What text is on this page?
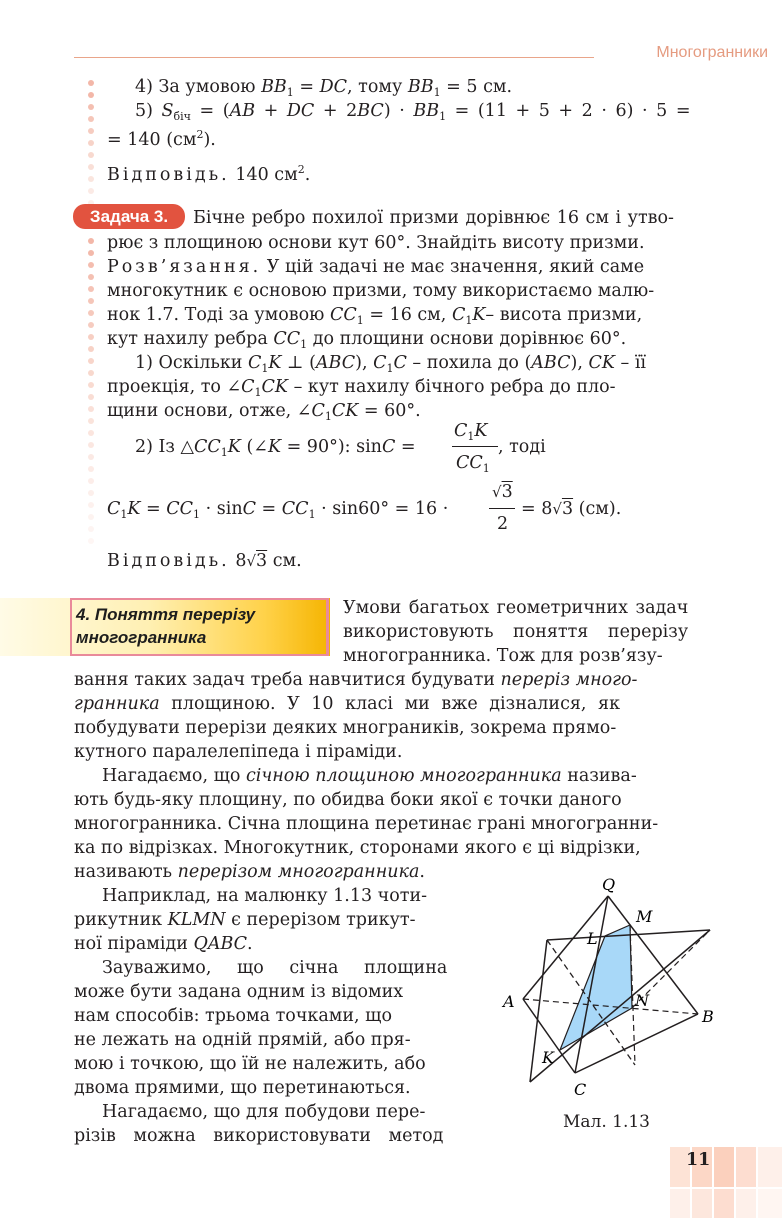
Многогранники
4) За умовою $BB_1$ = DC, тому $BB_1 = 5$ см.
5) $S_{біч} = (AB$ + DC + $2BC) \cdot BB_1 = (11 + 5 + 2 \cdot 6) \cdot 5$ =
= 140 $(см^2)$.
Відповідь. 140 $см^2$.
Задача 3.	Бічне ребро похилої призми дорівнює 16 см і утво-
рює з площиною основи кут 60°. Знайдіть висоту призми.
Розв’язання. У цій задачі не має значення, який саме
многокутник є основою призми, тому використаємо малю-
нок 1.7. Тоді за умовою $CC_1 = 16$ см, $C_1K-$ висота призми,
кут нахилу ребра $CC_1$ до площини основи дорівнює 60°.
1) Оскільки $C_1K$ ⊥ (ABC), $C_1C$ – похила до (ABC), CK – її
проекція, то $\angle C_1CK$ – кут нахилу бічного ребра до пло-
щини основи, отже, $\angle C_1CK = 60^\circ$.
2) Із $\triangle CC_1K$ (∠K = 90°): sinC =
$C_1K$
$CC_1$
, тоді
$C_1K = CC_1 \cdot \sin C = CC_1 \cdot \sin 60^\circ = 16$ ·
√3
2
= 8√3 (см).
Відповідь. 8√3 см.
4. Поняття перерізу
многогранника
Умови багатьох геометричних задач
використовують поняття перерізу
многогранника. Тож для розв’язу-
вання таких задач треба навчитися будувати переріз много-
гранника площиною. У 10 класі ми вже дізналися, як
побудувати перерізи деяких многраників, зокрема прямо-
кутного паралелепіпеда і піраміди.
Нагадаємо, що січною площиною многогранника назива-
ють будь-яку площину, по обидва боки якої є точки даного
многогранника. Січна площина перетинає грані многогранни-
ка по відрізках. Многокутник, сторонами якого є ці відрізки,
називають перерізом многогранника.
Наприклад, на малюнку 1.13 чоти-
рикутник KLMN є перерізом трикут-
ної піраміди QABC.
Зауважимо, що січна площина
може бути задана одним із відомих
нам способів: трьома точками, що
не лежать на одній прямій, або пря-
мою і точкою, що їй не належить, або
двома прямими, що перетинаються.
Нагадаємо, що для побудови пере-
різів можна використовувати метод
Q
M
L
A	N
B
K
C
Мал. 1.13
11
